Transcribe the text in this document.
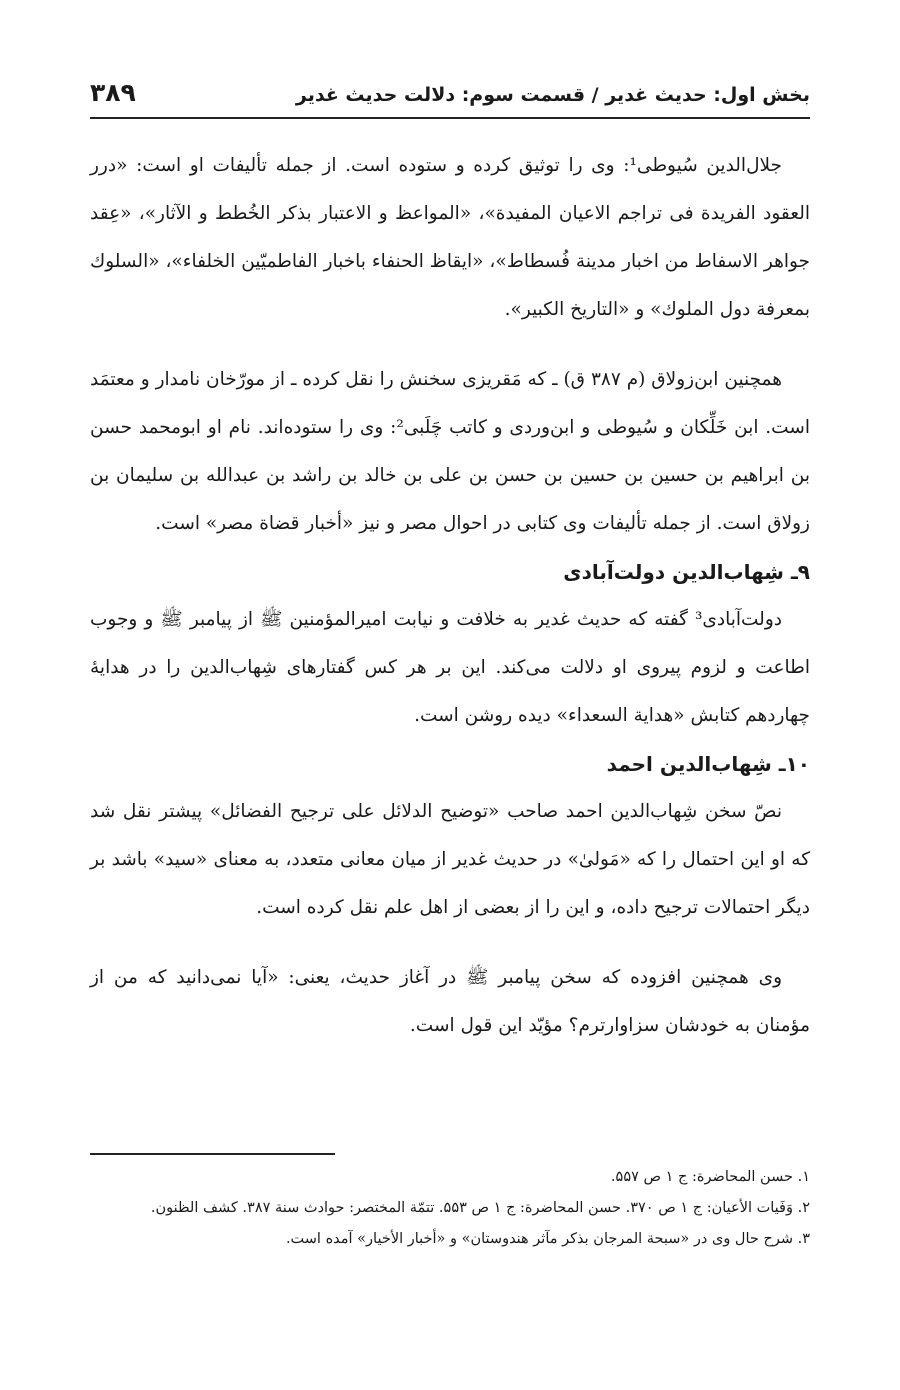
بخش اول: حدیث غدیر / قسمت سوم: دلالت حدیث غدیر
۳۸۹

جلال‌الدین سُیوطی¹: وی را توثیق کرده و ستوده است. از جمله تألیفات او است: «درر العقود الفریدة فی تراجم الاعیان المفیدة»، «المواعظ و الاعتبار بذکر الخُطط و الآثار»، «عِقد جواهر الاسفاط من اخبار مدینة فُسطاط»، «ایقاظ الحنفاء باخبار الفاطمیّین الخلفاء»، «السلوك بمعرفة دول الملوك» و «التاریخ الکبیر».

همچنین ابن‌زولاق (م ۳۸۷ ق) ـ که مَقریزی سخنش را نقل کرده ـ از مورّخان نامدار و معتمَد است. ابن خَلِّکان و سُیوطی و ابن‌وردی و کاتب چَلَبی²: وی را ستوده‌اند. نام او ابومحمد حسن بن ابراهیم بن حسین بن حسین بن حسن بن علی بن خالد بن راشد بن عبدالله بن سلیمان بن زولاق است. از جمله تألیفات وی کتابی در احوال مصر و نیز «أخبار قضاة مصر» است.

۹ـ شِهاب‌الدین دولت‌آبادی

دولت‌آبادی³ گفته که حدیث غدیر به خلافت و نیابت امیرالمؤمنین ﷺ از پیامبر ﷺ و وجوب اطاعت و لزوم پیروی او دلالت می‌کند. این بر هر کس گفتارهای شِهاب‌الدین را در هدایهٔ چهاردهم کتابش «هدایة السعداء» دیده روشن است.

۱۰ـ شِهاب‌الدین احمد

نصّ سخن شِهاب‌الدین احمد صاحب «توضیح الدلائل علی ترجیح الفضائل» پیشتر نقل شد که او این احتمال را که «مَولیٰ» در حدیث غدیر از میان معانی متعدد، به معنای «سید» باشد بر دیگر احتمالات ترجیح داده، و این را از بعضی از اهل علم نقل کرده است.

وی همچنین افزوده که سخن پیامبر ﷺ در آغاز حدیث، یعنی: «آیا نمی‌دانید که من از مؤمنان به خودشان سزاوارترم؟ مؤیّد این قول است.

۱. حسن المحاضرة: ج ۱ ص ۵۵۷.

۲. وَفَیات الأعیان: ج ۱ ص ۳۷۰. حسن المحاضرة: ج ۱ ص ۵۵۳. تتمّة المختصر: حوادث سنة ۳۸۷. کشف الظنون.

۳. شرح حال وی در «سبحة المرجان بذکر مآثر هندوستان» و «أخبار الأخیار» آمده است.
